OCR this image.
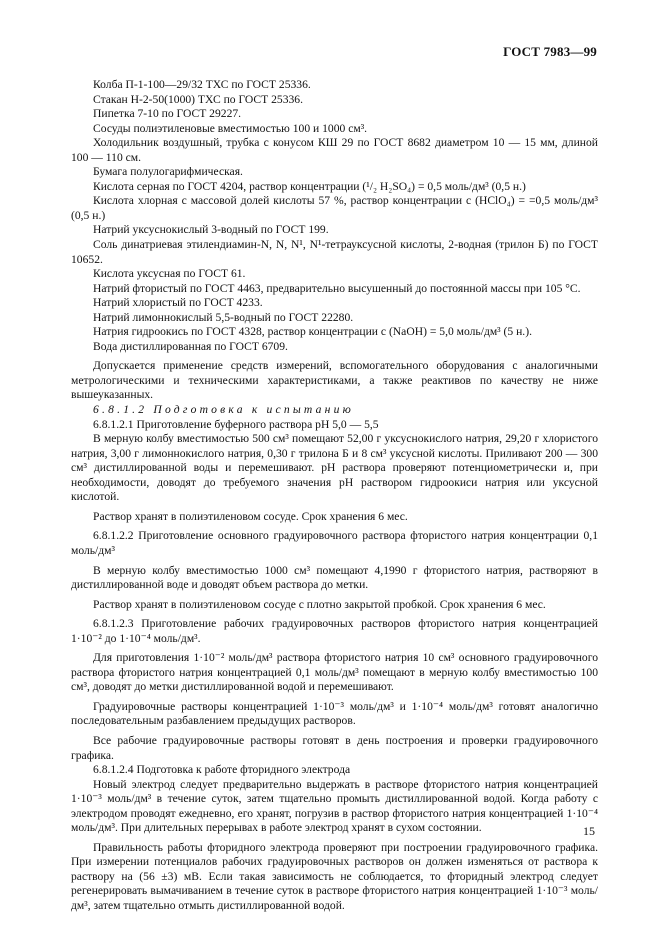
ГОСТ 7983—99

Колба П-1-100—29/32 ТХС по ГОСТ 25336.

Стакан Н-2-50(1000) ТХС по ГОСТ 25336.

Пипетка 7-10 по ГОСТ 29227.

Сосуды полиэтиленовые вместимостью 100 и 1000 см³.

Холодильник воздушный, трубка с конусом КШ 29 по ГОСТ 8682 диаметром 10 — 15 мм, длиной 100 — 110 см.

Бумага полулогарифмическая.

Кислота серная по ГОСТ 4204, раствор концентрации (¹/₂ H₂SO₄) = 0,5 моль/дм³ (0,5 н.)

Кислота хлорная с массовой долей кислоты 57 %, раствор концентрации c (HClO₄) = =0,5 моль/дм³ (0,5 н.)

Натрий уксуснокислый 3-водный по ГОСТ 199.

Соль динатриевая этилендиамин-N, N, N¹, N¹-тетрауксусной кислоты, 2-водная (трилон Б) по ГОСТ 10652.

Кислота уксусная по ГОСТ 61.

Натрий фтористый по ГОСТ 4463, предварительно высушенный до постоянной массы при 105 °С.

Натрий хлористый по ГОСТ 4233.

Натрий лимоннокислый 5,5-водный по ГОСТ 22280.

Натрия гидроокись по ГОСТ 4328, раствор концентрации c (NaOH) = 5,0 моль/дм³ (5 н.).

Вода дистиллированная по ГОСТ 6709.

Допускается применение средств измерений, вспомогательного оборудования с аналогичными метрологическими и техническими характеристиками, а также реактивов по качеству не ниже вышеуказанных.

6.8.1.2 Подготовка к испытанию

6.8.1.2.1 Приготовление буферного раствора pH 5,0 — 5,5

В мерную колбу вместимостью 500 см³ помещают 52,00 г уксуснокислого натрия, 29,20 г хлористого натрия, 3,00 г лимоннокислого натрия, 0,30 г трилона Б и 8 см³ уксусной кислоты. Приливают 200 — 300 см³ дистиллированной воды и перемешивают. pH раствора проверяют потенциометрически и, при необходимости, доводят до требуемого значения pH раствором гидроокиси натрия или уксусной кислотой.

Раствор хранят в полиэтиленовом сосуде. Срок хранения 6 мес.

6.8.1.2.2 Приготовление основного градуировочного раствора фтористого натрия концентрации 0,1 моль/дм³

В мерную колбу вместимостью 1000 см³ помещают 4,1990 г фтористого натрия, растворяют в дистиллированной воде и доводят объем раствора до метки.

Раствор хранят в полиэтиленовом сосуде с плотно закрытой пробкой. Срок хранения 6 мес.

6.8.1.2.3 Приготовление рабочих градуировочных растворов фтористого натрия концентрацией 1·10⁻² до 1·10⁻⁴ моль/дм³.

Для приготовления 1·10⁻² моль/дм³ раствора фтористого натрия 10 см³ основного градуировочного раствора фтористого натрия концентрацией 0,1 моль/дм³ помещают в мерную колбу вместимостью 100 см³, доводят до метки дистиллированной водой и перемешивают.

Градуировочные растворы концентрацией 1·10⁻³ моль/дм³ и 1·10⁻⁴ моль/дм³ готовят аналогично последовательным разбавлением предыдущих растворов.

Все рабочие градуировочные растворы готовят в день построения и проверки градуировочного графика.

6.8.1.2.4 Подготовка к работе фторидного электрода

Новый электрод следует предварительно выдержать в растворе фтористого натрия концентрацией 1·10⁻³ моль/дм³ в течение суток, затем тщательно промыть дистиллированной водой. Когда работу с электродом проводят ежедневно, его хранят, погрузив в раствор фтористого натрия концентрацией 1·10⁻⁴ моль/дм³. При длительных перерывах в работе электрод хранят в сухом состоянии.

Правильность работы фторидного электрода проверяют при построении градуировочного графика. При измерении потенциалов рабочих градуировочных растворов он должен изменяться от раствора к раствору на (56 ±3) мВ. Если такая зависимость не соблюдается, то фторидный электрод следует регенерировать вымачиванием в течение суток в растворе фтористого натрия концентрацией 1·10⁻³ моль/дм³, затем тщательно отмыть дистиллированной водой.

15
